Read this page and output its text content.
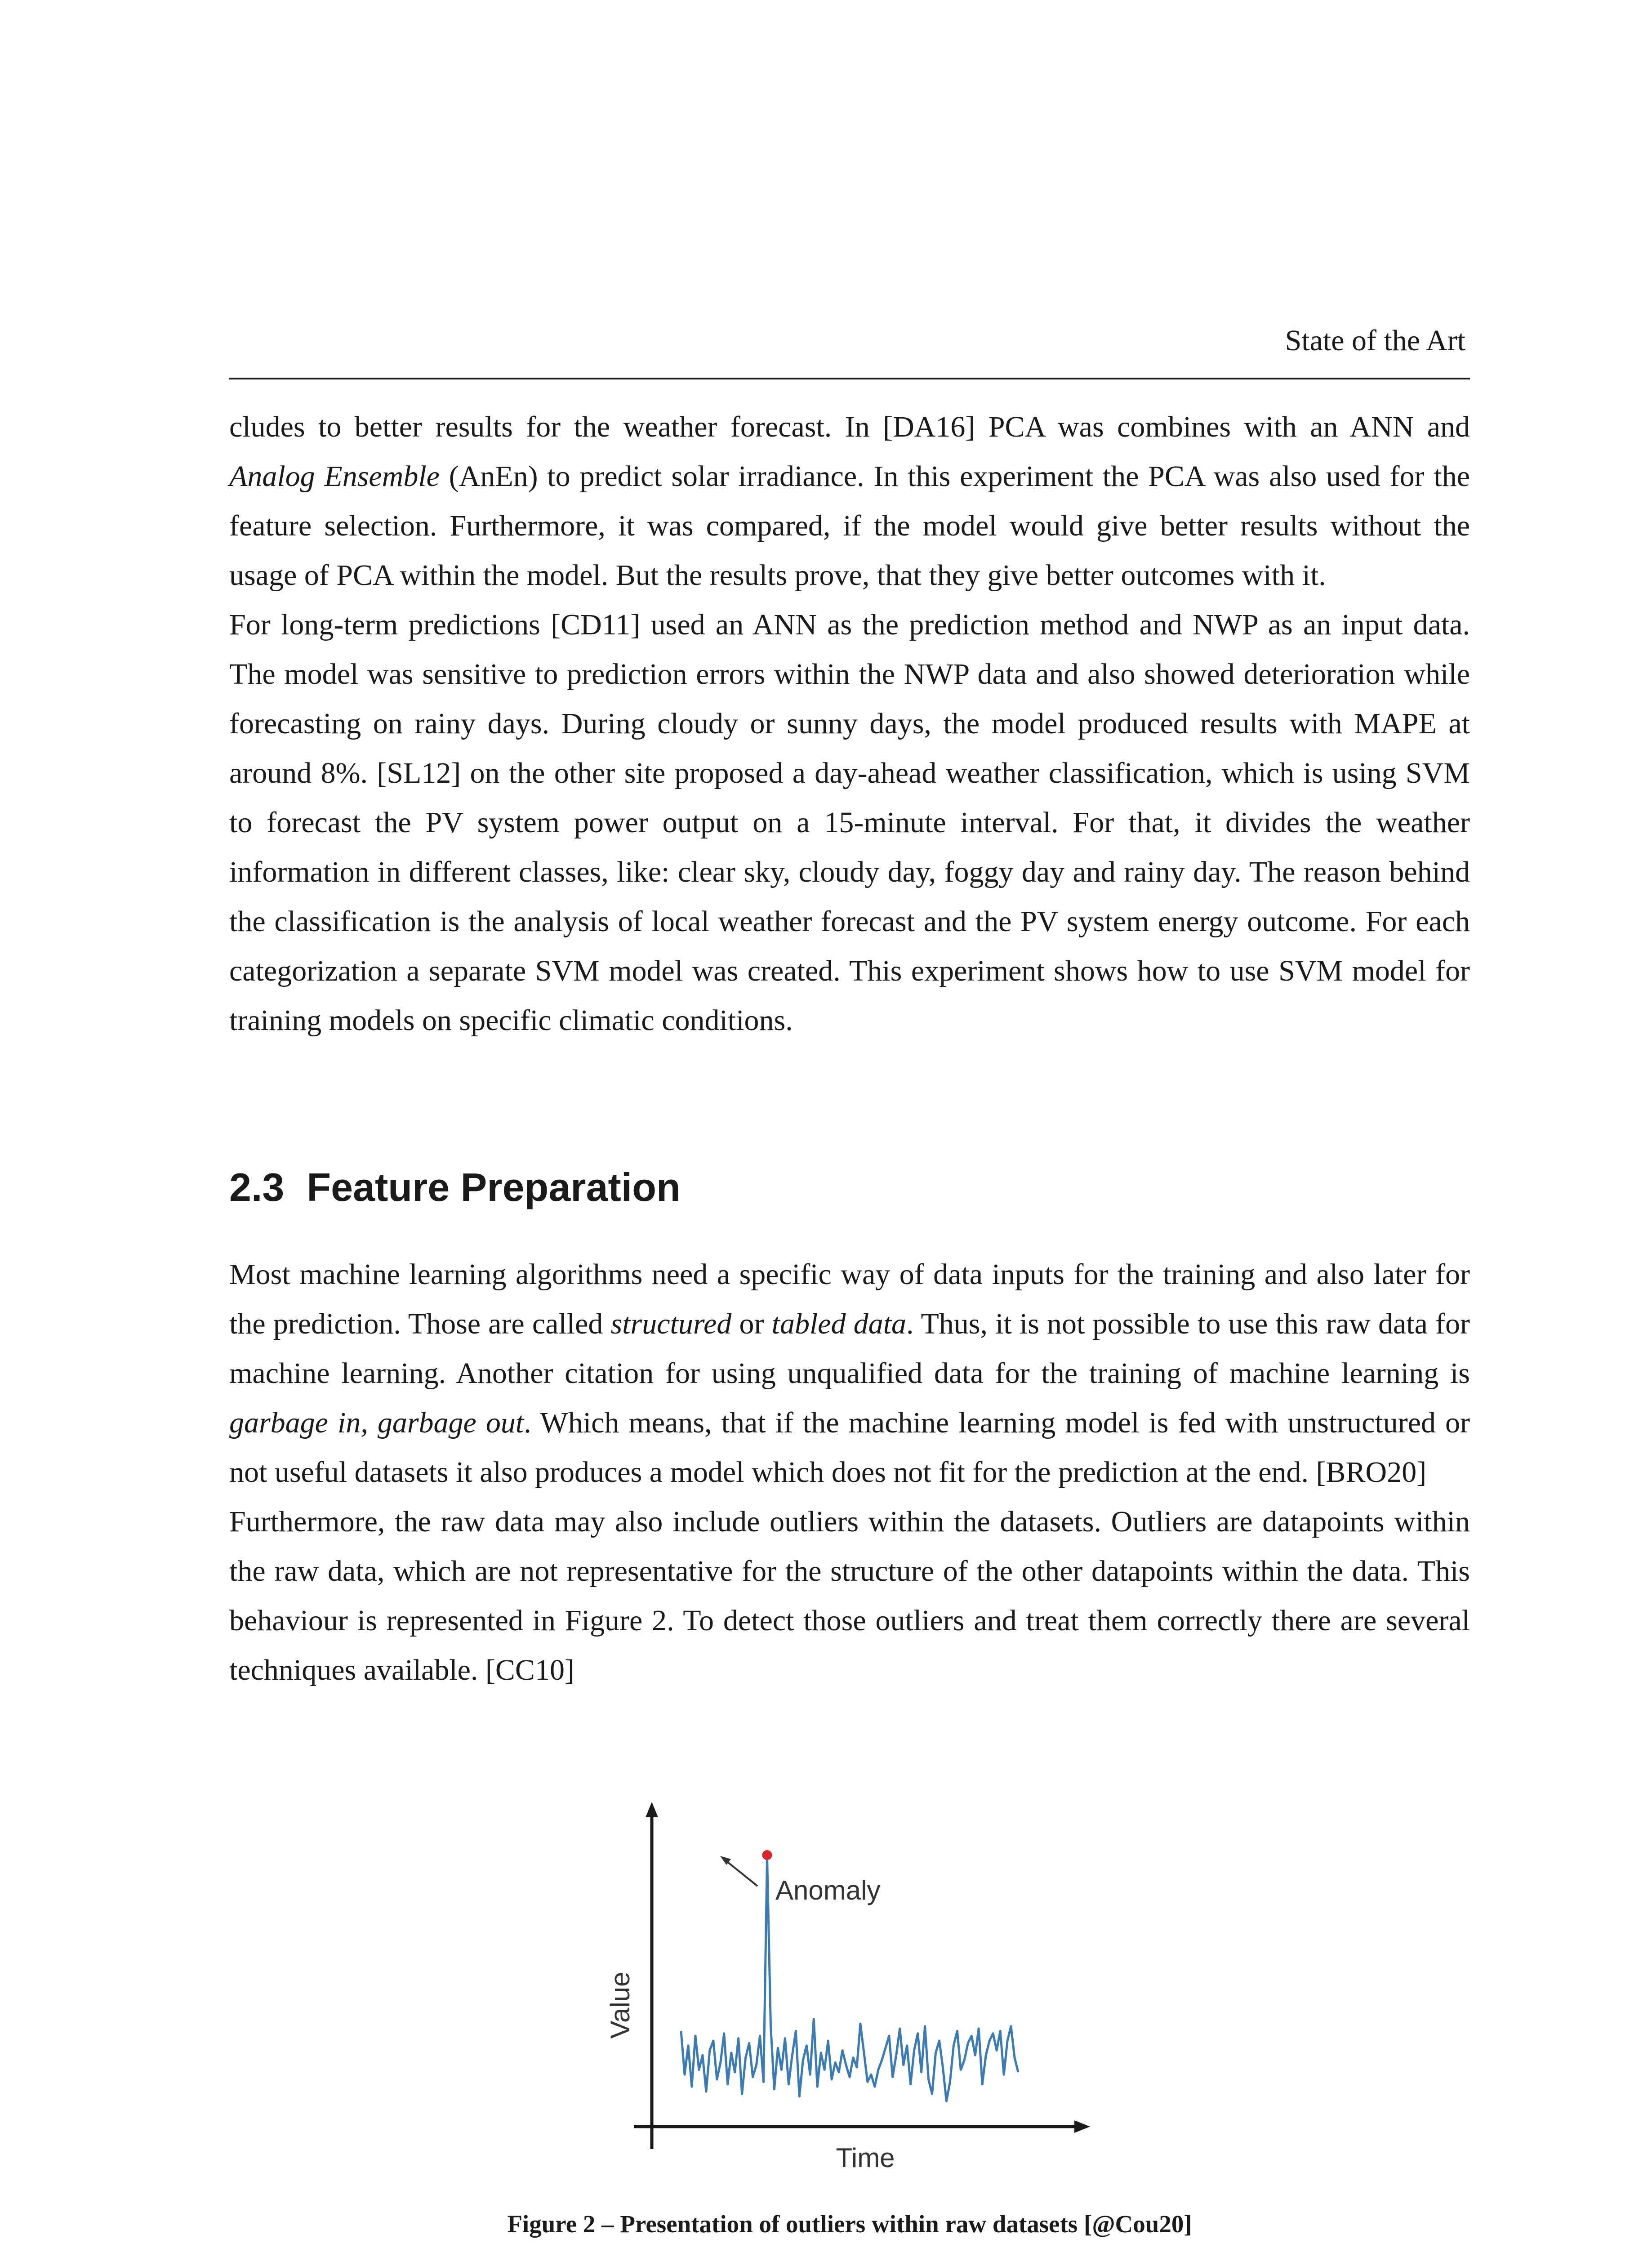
State of the Art

cludes to better results for the weather forecast. In [DA16] PCA was combines with an ANN and Analog Ensemble (AnEn) to predict solar irradiance. In this experiment the PCA was also used for the feature selection. Furthermore, it was compared, if the model would give better results without the usage of PCA within the model. But the results prove, that they give better outcomes with it.

For long-term predictions [CD11] used an ANN as the prediction method and NWP as an input data. The model was sensitive to prediction errors within the NWP data and also showed deterioration while forecasting on rainy days. During cloudy or sunny days, the model produced results with MAPE at around 8%. [SL12] on the other site proposed a day-ahead weather classification, which is using SVM to forecast the PV system power output on a 15-minute interval. For that, it divides the weather information in different classes, like: clear sky, cloudy day, foggy day and rainy day. The reason behind the classification is the analysis of local weather forecast and the PV system energy outcome. For each categorization a separate SVM model was created. This experiment shows how to use SVM model for training models on specific climatic conditions.

2.3 Feature Preparation

Most machine learning algorithms need a specific way of data inputs for the training and also later for the prediction. Those are called structured or tabled data. Thus, it is not possible to use this raw data for machine learning. Another citation for using unqualified data for the training of machine learning is garbage in, garbage out. Which means, that if the machine learning model is fed with unstructured or not useful datasets it also produces a model which does not fit for the prediction at the end. [BRO20]

Furthermore, the raw data may also include outliers within the datasets. Outliers are datapoints within the raw data, which are not representative for the structure of the other datapoints within the data. This behaviour is represented in Figure 2. To detect those outliers and treat them correctly there are several techniques available. [CC10]

Anomaly
Value
Time
Figure 2 – Presentation of outliers within raw datasets [@Cou20]
